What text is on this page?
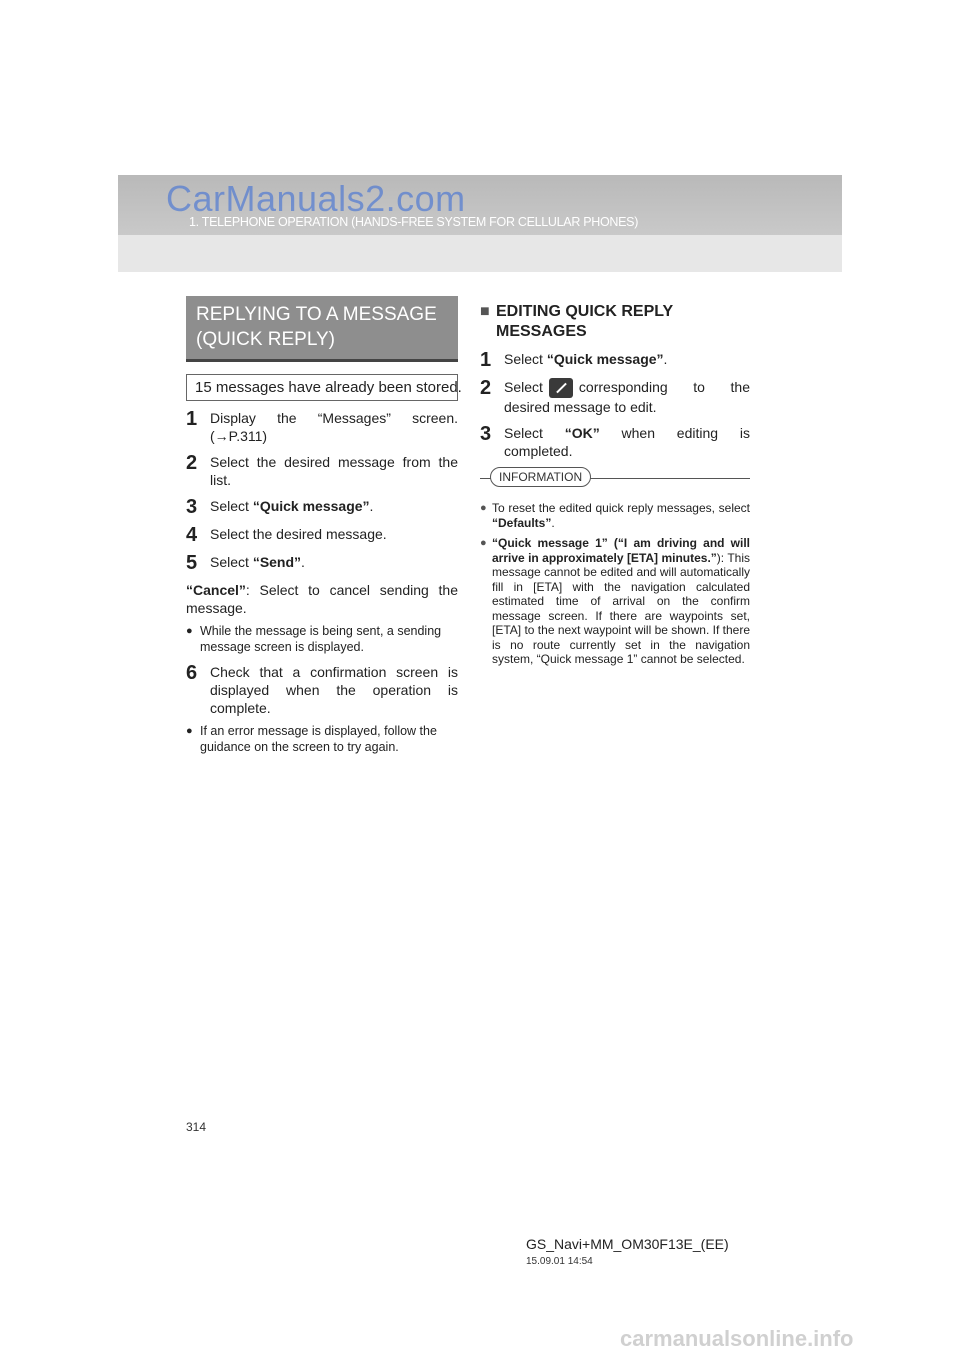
CarManuals2.com
1. TELEPHONE OPERATION (HANDS-FREE SYSTEM FOR CELLULAR PHONES)
REPLYING TO A MESSAGE (QUICK REPLY)
15 messages have already been stored.
1 Display the “Messages” screen. (→P.311)
2 Select the desired message from the list.
3 Select “Quick message”.
4 Select the desired message.
5 Select “Send”.
“Cancel”: Select to cancel sending the message.
● While the message is being sent, a sending message screen is displayed.
6 Check that a confirmation screen is displayed when the operation is complete.
● If an error message is displayed, follow the guidance on the screen to try again.
■ EDITING QUICK REPLY MESSAGES
1 Select “Quick message”.
2 Select	corresponding to the desired message to edit.
3 Select “OK” when editing is completed.
INFORMATION
● To reset the edited quick reply messages, select “Defaults”.
● “Quick message 1” (“I am driving and will arrive in approximately [ETA] minutes.”): This message cannot be edited and will automatically fill in [ETA] with the navigation calculated estimated time of arrival on the confirm message screen. If there are waypoints set, [ETA] to the next waypoint will be shown. If there is no route currently set in the navigation system, “Quick message 1” cannot be selected.
314
GS_Navi+MM_OM30F13E_(EE)
15.09.01 14:54
carmanualsonline.info
